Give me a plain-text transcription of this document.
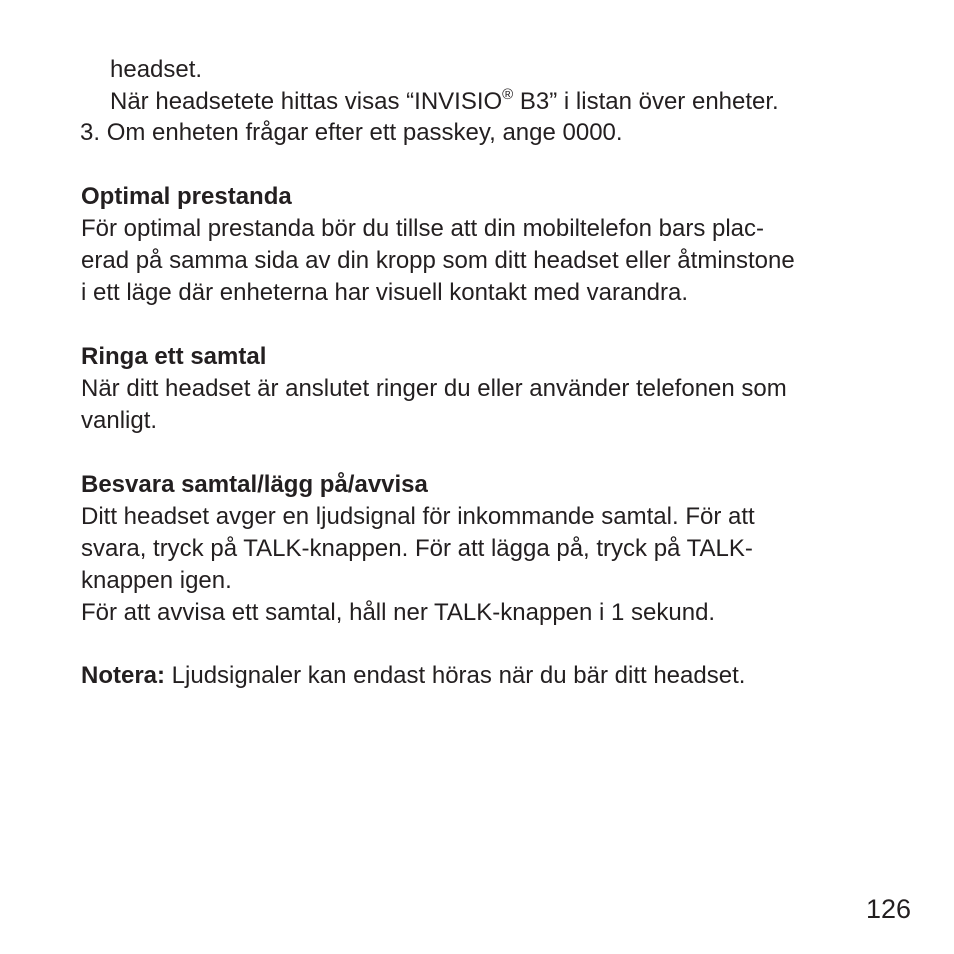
headset.
När headsetete hittas visas “INVISIO® B3” i listan över enheter.
3. Om enheten frågar efter ett passkey, ange 0000.
Optimal prestanda
För optimal prestanda bör du tillse att din mobiltelefon bars plac-
erad på samma sida av din kropp som ditt headset eller åtminstone
i ett läge där enheterna har visuell kontakt med varandra.
Ringa ett samtal
När ditt headset är anslutet ringer du eller använder telefonen som
vanligt.
Besvara samtal/lägg på/avvisa
Ditt headset avger en ljudsignal för inkommande samtal. För att
svara, tryck på TALK-knappen. För att lägga på, tryck på TALK-
knappen igen.
För att avvisa ett samtal, håll ner TALK-knappen i 1 sekund.
Notera: Ljudsignaler kan endast höras när du bär ditt headset.
126
